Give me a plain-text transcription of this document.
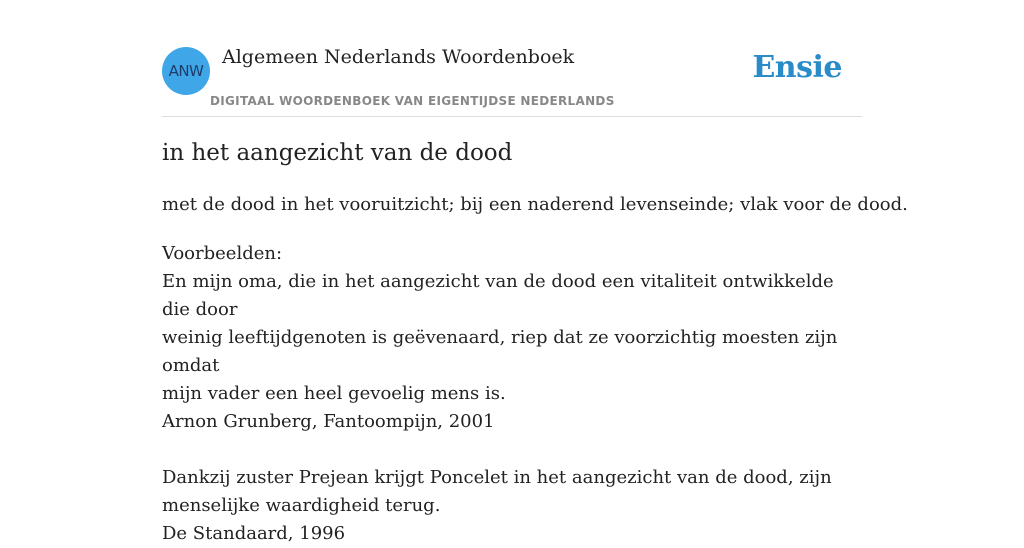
ANW
Algemeen Nederlands Woordenboek
DIGITAAL WOORDENBOEK VAN EIGENTIJDSE NEDERLANDS
Ensie
in het aangezicht van de dood

met de dood in het vooruitzicht; bij een naderend levenseinde; vlak voor de dood.

Voorbeelden:
En mijn oma, die in het aangezicht van de dood een vitaliteit ontwikkelde die door
weinig leeftijdgenoten is geëvenaard, riep dat ze voorzichtig moesten zijn omdat
mijn vader een heel gevoelig mens is.
Arnon Grunberg, Fantoompijn, 2001
Dankzij zuster Prejean krijgt Poncelet in het aangezicht van de dood, zijn
menselijke waardigheid terug.
De Standaard, 1996
